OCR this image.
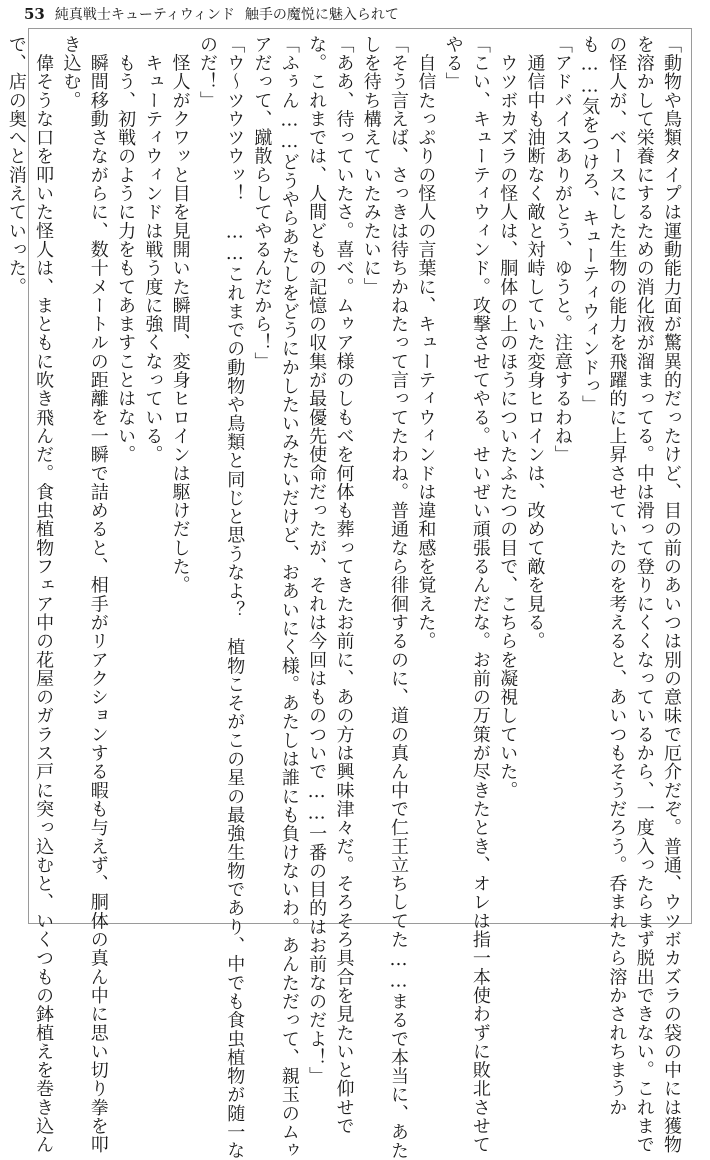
53 純真戦士キューティウィンド 触手の魔悦に魅入られて
「動物や鳥類タイプは運動能力面が驚異的だったけど、目の前のあいつは別の意味で厄介だぞ。普通、ウツボカズラの袋の中には獲物
を溶かして栄養にするための消化液が溜まってる。中は滑って登りにくくなっているから、一度入ったらまず脱出できない。これまで
の怪人が、ベースにした生物の能力を飛躍的に上昇させていたのを考えると、あいつもそうだろう。呑まれたら溶かされちまうか
も……気をつけろ、キューティウィンドっ」
「アドバイスありがとう、ゆうと。注意するわね」
　通信中も油断なく敵と対峙していた変身ヒロインは、改めて敵を見る。
　ウツボカズラの怪人は、胴体の上のほうについたふたつの目で、こちらを凝視していた。
「こい、キューティウィンド。攻撃させてやる。せいぜい頑張るんだな。お前の万策が尽きたとき、オレは指一本使わずに敗北させて
やる」
　自信たっぷりの怪人の言葉に、キューティウィンドは違和感を覚えた。
「そう言えば、さっきは待ちかねたって言ってたわね。普通なら徘徊するのに、道の真ん中で仁王立ちしてた……まるで本当に、あた
しを待ち構えていたみたいに」
「ああ、待っていたさ。喜べ。ムゥア様のしもべを何体も葬ってきたお前に、あの方は興味津々だ。そろそろ具合を見たいと仰せで
な。これまでは、人間どもの記憶の収集が最優先使命だったが、それは今回はものついで……一番の目的はお前なのだよ！」
「ふぅん……どうやらあたしをどうにかしたいみたいだけど、おあいにく様。あたしは誰にも負けないわ。あんただって、親玉のムゥ
アだって、蹴散らしてやるんだから！」
「ウ〜ツウツウッ！　……これまでの動物や鳥類と同じと思うなよ？　植物こそがこの星の最強生物であり、中でも食虫植物が随一な
のだ！」
　怪人がクワッと目を見開いた瞬間、変身ヒロインは駆けだした。
　キューティウィンドは戦う度に強くなっている。
　もう、初戦のように力をもてあますことはない。
　瞬間移動さながらに、数十メートルの距離を一瞬で詰めると、相手がリアクションする暇も与えず、胴体の真ん中に思い切り拳を叩
き込む。
　偉そうな口を叩いた怪人は、まともに吹き飛んだ。食虫植物フェア中の花屋のガラス戸に突っ込むと、いくつもの鉢植えを巻き込ん
で、店の奥へと消えていった。
